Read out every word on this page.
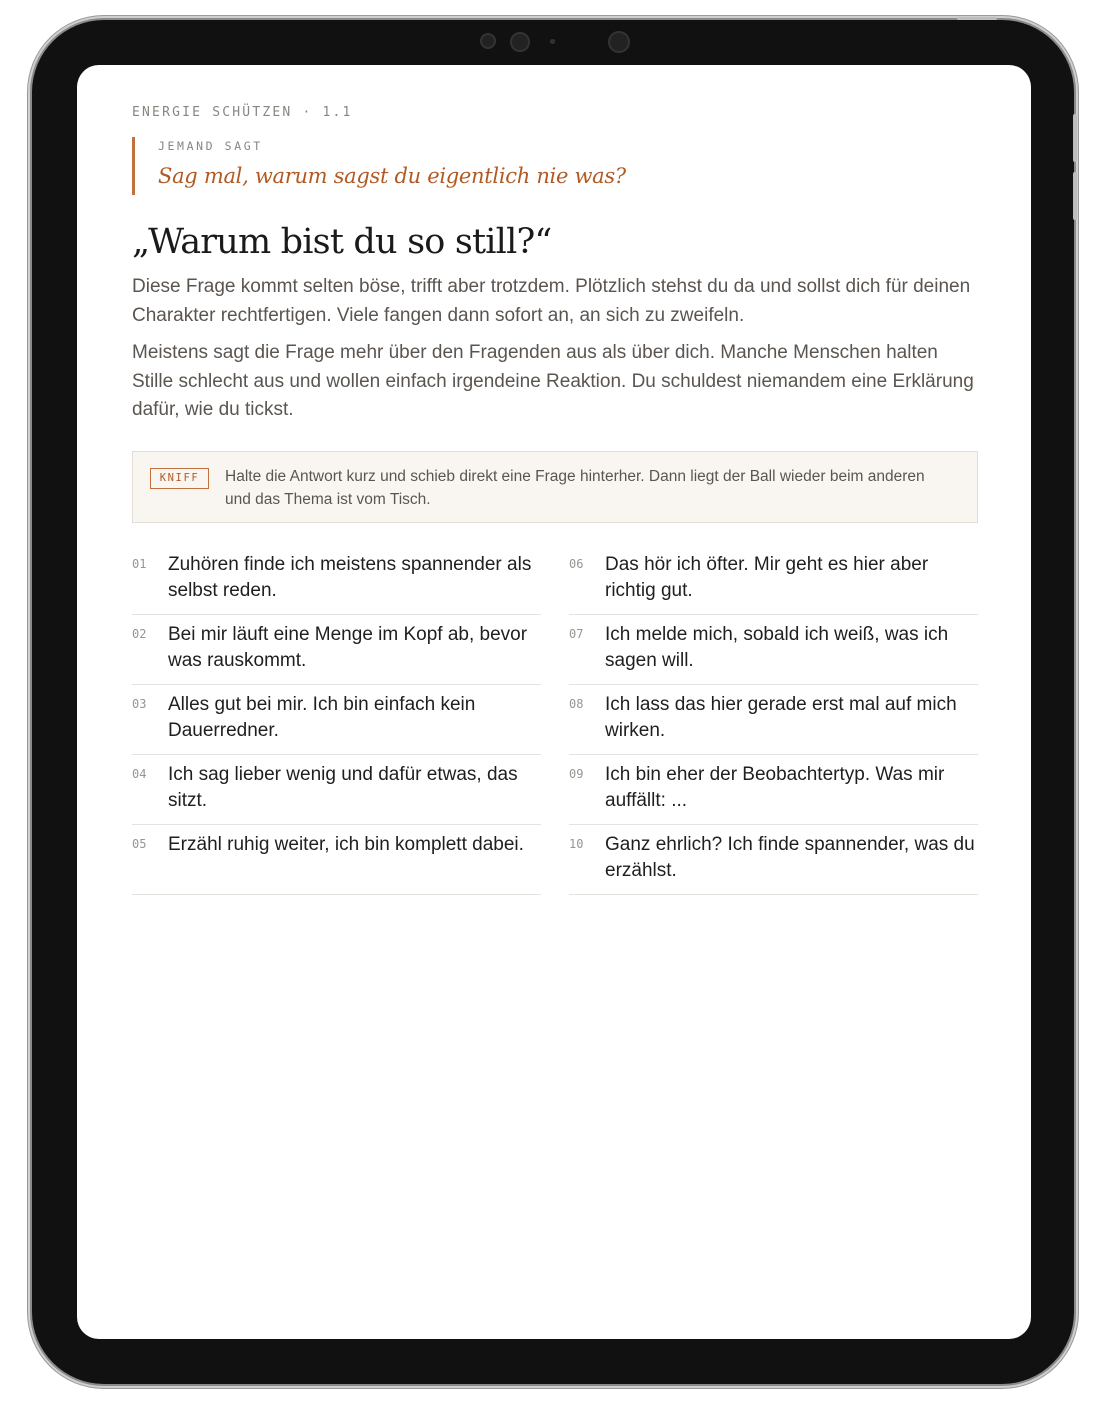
ENERGIE SCHÜTZEN · 1.1
JEMAND SAGT
Sag mal, warum sagst du eigentlich nie was?
„Warum bist du so still?“

Diese Frage kommt selten böse, trifft aber trotzdem. Plötzlich stehst du da und sollst dich für deinen Charakter rechtfertigen. Viele fangen dann sofort an, an sich zu zweifeln.

Meistens sagt die Frage mehr über den Fragenden aus als über dich. Manche Menschen halten Stille schlecht aus und wollen einfach irgendeine Reaktion. Du schuldest niemandem eine Erklärung dafür, wie du tickst.

KNIFF	Halte die Antwort kurz und schieb direkt eine Frage hinterher. Dann liegt der Ball wieder beim anderen und das Thema ist vom Tisch.
01	Zuhören finde ich meistens spannender als selbst reden.
02	Bei mir läuft eine Menge im Kopf ab, bevor was rauskommt.
03	Alles gut bei mir. Ich bin einfach kein Dauerredner.
04	Ich sag lieber wenig und dafür etwas, das sitzt.
05	Erzähl ruhig weiter, ich bin komplett dabei.
06	Das hör ich öfter. Mir geht es hier aber richtig gut.
07	Ich melde mich, sobald ich weiß, was ich sagen will.
08	Ich lass das hier gerade erst mal auf mich wirken.
09	Ich bin eher der Beobachtertyp. Was mir auffällt: ...
10	Ganz ehrlich? Ich finde spannender, was du erzählst.
